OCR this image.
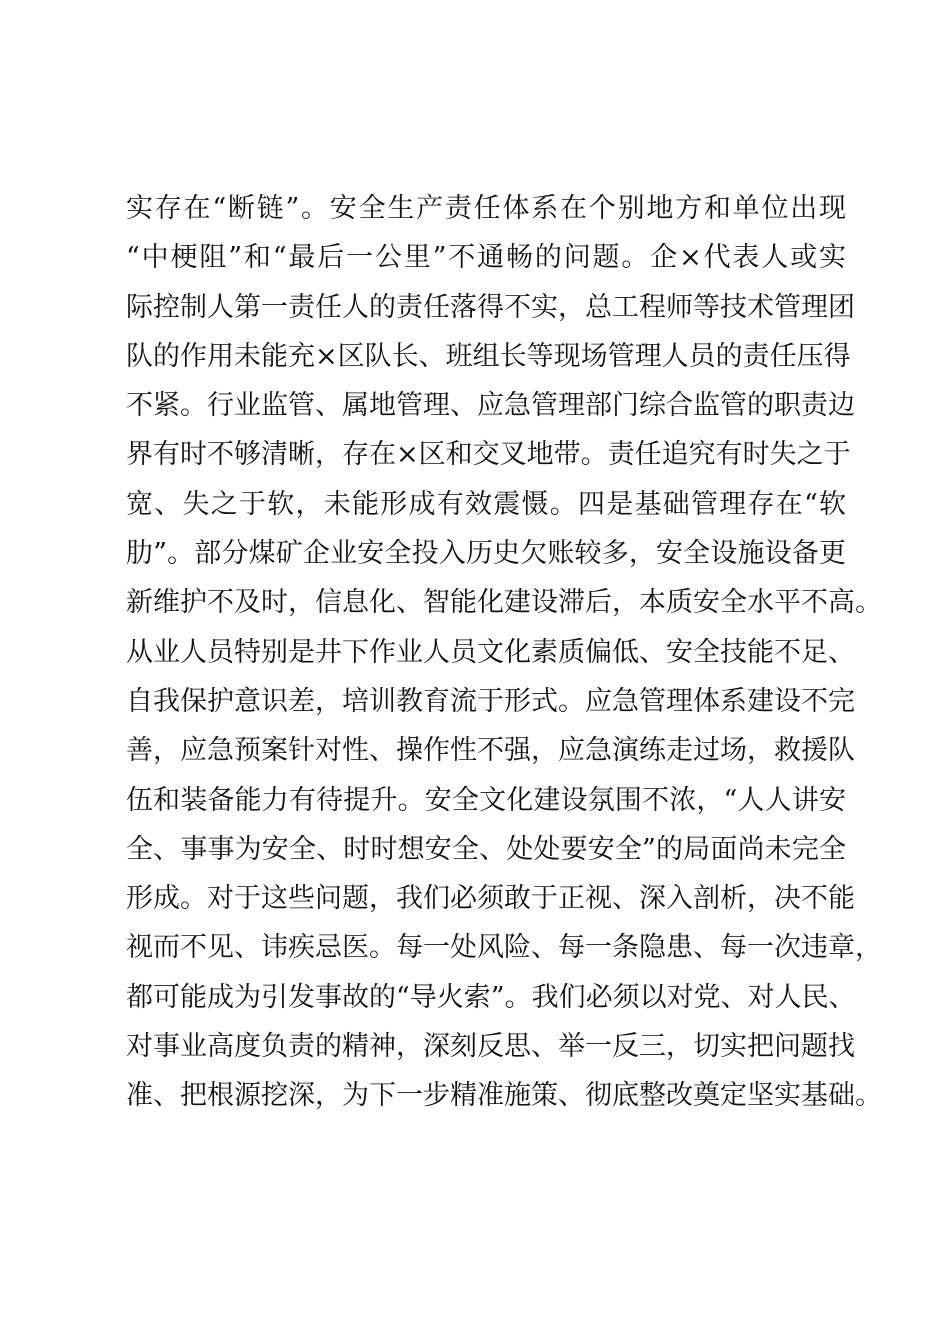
实存在“断链”。安全生产责任体系在个别地方和单位出现
“中梗阻”和“最后一公里”不通畅的问题。企×代表人或实
际控制人第一责任人的责任落得不实，总工程师等技术管理团
队的作用未能充×区队长、班组长等现场管理人员的责任压得
不紧。行业监管、属地管理、应急管理部门综合监管的职责边
界有时不够清晰，存在×区和交叉地带。责任追究有时失之于
宽、失之于软，未能形成有效震慑。四是基础管理存在“软
肋”。部分煤矿企业安全投入历史欠账较多，安全设施设备更
新维护不及时，信息化、智能化建设滞后，本质安全水平不高。
从业人员特别是井下作业人员文化素质偏低、安全技能不足、
自我保护意识差，培训教育流于形式。应急管理体系建设不完
善，应急预案针对性、操作性不强，应急演练走过场，救援队
伍和装备能力有待提升。安全文化建设氛围不浓，“人人讲安
全、事事为安全、时时想安全、处处要安全”的局面尚未完全
形成。对于这些问题，我们必须敢于正视、深入剖析，决不能
视而不见、讳疾忌医。每一处风险、每一条隐患、每一次违章，
都可能成为引发事故的“导火索”。我们必须以对党、对人民、
对事业高度负责的精神，深刻反思、举一反三，切实把问题找
准、把根源挖深，为下一步精准施策、彻底整改奠定坚实基础。
